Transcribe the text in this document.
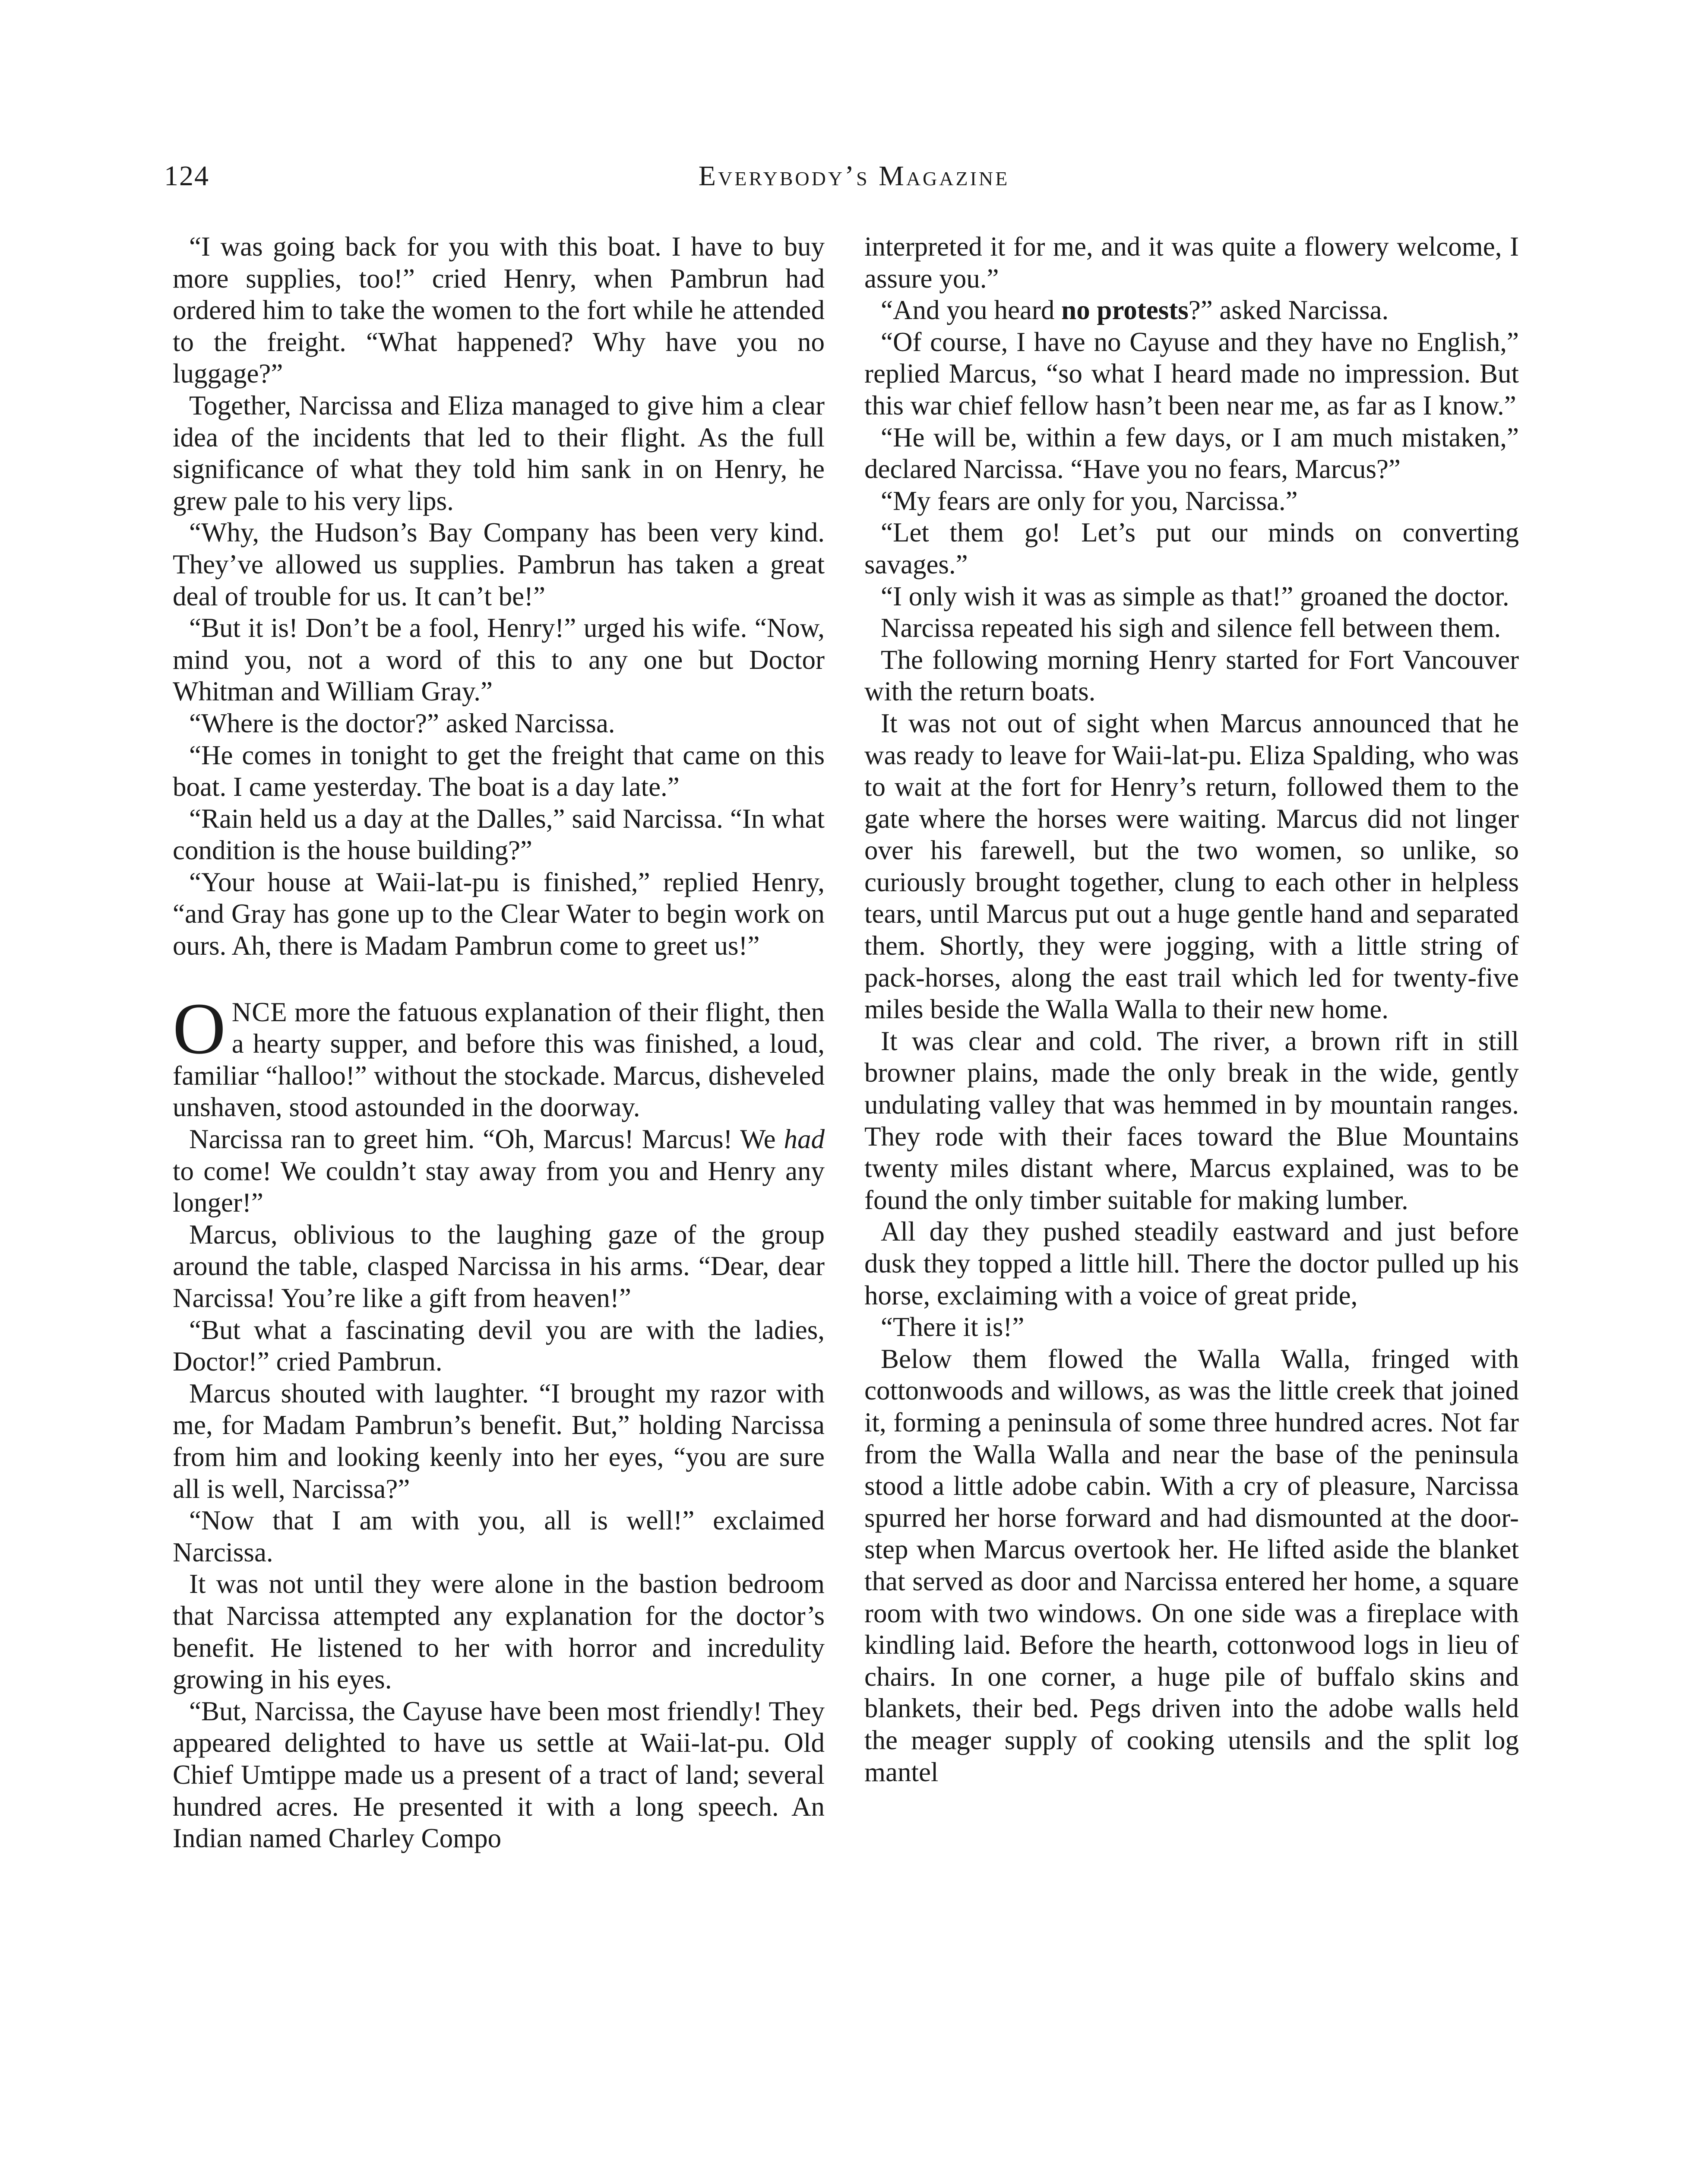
124	Everybody’s Magazine

“I was going back for you with this boat. I have to buy more supplies, too!” cried Henry, when Pambrun had ordered him to take the women to the fort while he attended to the freight. “What happened? Why have you no luggage?”

Together, Narcissa and Eliza managed to give him a clear idea of the incidents that led to their flight. As the full significance of what they told him sank in on Henry, he grew pale to his very lips.

“Why, the Hudson’s Bay Company has been very kind. They’ve allowed us supplies. Pambrun has taken a great deal of trouble for us. It can’t be!”

“But it is! Don’t be a fool, Henry!” urged his wife. “Now, mind you, not a word of this to any one but Doctor Whitman and William Gray.”

“Where is the doctor?” asked Narcissa.

“He comes in tonight to get the freight that came on this boat. I came yesterday. The boat is a day late.”

“Rain held us a day at the Dalles,” said Narcissa. “In what condition is the house building?”

“Your house at Waii-lat-pu is finished,” replied Henry, “and Gray has gone up to the Clear Water to begin work on ours. Ah, there is Madam Pambrun come to greet us!”

ONCE more the fatuous explanation of their flight, then a hearty supper, and before this was finished, a loud, familiar “halloo!” without the stockade. Marcus, disheveled unshaven, stood astounded in the doorway.

Narcissa ran to greet him. “Oh, Marcus! Marcus! We had to come! We couldn’t stay away from you and Henry any longer!”

Marcus, oblivious to the laughing gaze of the group around the table, clasped Narcissa in his arms. “Dear, dear Narcissa! You’re like a gift from heaven!”

“But what a fascinating devil you are with the ladies, Doctor!” cried Pambrun.

Marcus shouted with laughter. “I brought my razor with me, for Madam Pambrun’s benefit. But,” holding Narcissa from him and looking keenly into her eyes, “you are sure all is well, Narcissa?”

“Now that I am with you, all is well!” exclaimed Narcissa.

It was not until they were alone in the bastion bedroom that Narcissa attempted any explanation for the doctor’s benefit. He listened to her with horror and incredulity growing in his eyes.

“But, Narcissa, the Cayuse have been most friendly! They appeared delighted to have us settle at Waii-lat-pu. Old Chief Umtippe made us a present of a tract of land; several hundred acres. He presented it with a long speech. An Indian named Charley Compo

interpreted it for me, and it was quite a flowery welcome, I assure you.”

“And you heard no protests?” asked Narcissa.

“Of course, I have no Cayuse and they have no English,” replied Marcus, “so what I heard made no impression. But this war chief fellow hasn’t been near me, as far as I know.”

“He will be, within a few days, or I am much mistaken,” declared Narcissa. “Have you no fears, Marcus?”

“My fears are only for you, Narcissa.”

“Let them go! Let’s put our minds on converting savages.”

“I only wish it was as simple as that!” groaned the doctor.

Narcissa repeated his sigh and silence fell between them.

The following morning Henry started for Fort Vancouver with the return boats.

It was not out of sight when Marcus announced that he was ready to leave for Waii-lat-pu. Eliza Spalding, who was to wait at the fort for Henry’s return, followed them to the gate where the horses were waiting. Marcus did not linger over his farewell, but the two women, so unlike, so curiously brought together, clung to each other in helpless tears, until Marcus put out a huge gentle hand and separated them. Shortly, they were jogging, with a little string of pack-horses, along the east trail which led for twenty-five miles beside the Walla Walla to their new home.

It was clear and cold. The river, a brown rift in still browner plains, made the only break in the wide, gently undulating valley that was hemmed in by mountain ranges. They rode with their faces toward the Blue Mountains twenty miles distant where, Marcus explained, was to be found the only timber suitable for making lumber.

All day they pushed steadily eastward and just before dusk they topped a little hill. There the doctor pulled up his horse, exclaiming with a voice of great pride,

“There it is!”

Below them flowed the Walla Walla, fringed with cottonwoods and willows, as was the little creek that joined it, forming a peninsula of some three hundred acres. Not far from the Walla Walla and near the base of the peninsula stood a little adobe cabin. With a cry of pleasure, Narcissa spurred her horse forward and had dismounted at the door-step when Marcus overtook her. He lifted aside the blanket that served as door and Narcissa entered her home, a square room with two windows. On one side was a fireplace with kindling laid. Before the hearth, cottonwood logs in lieu of chairs. In one corner, a huge pile of buffalo skins and blankets, their bed. Pegs driven into the adobe walls held the meager supply of cooking utensils and the split log mantel
